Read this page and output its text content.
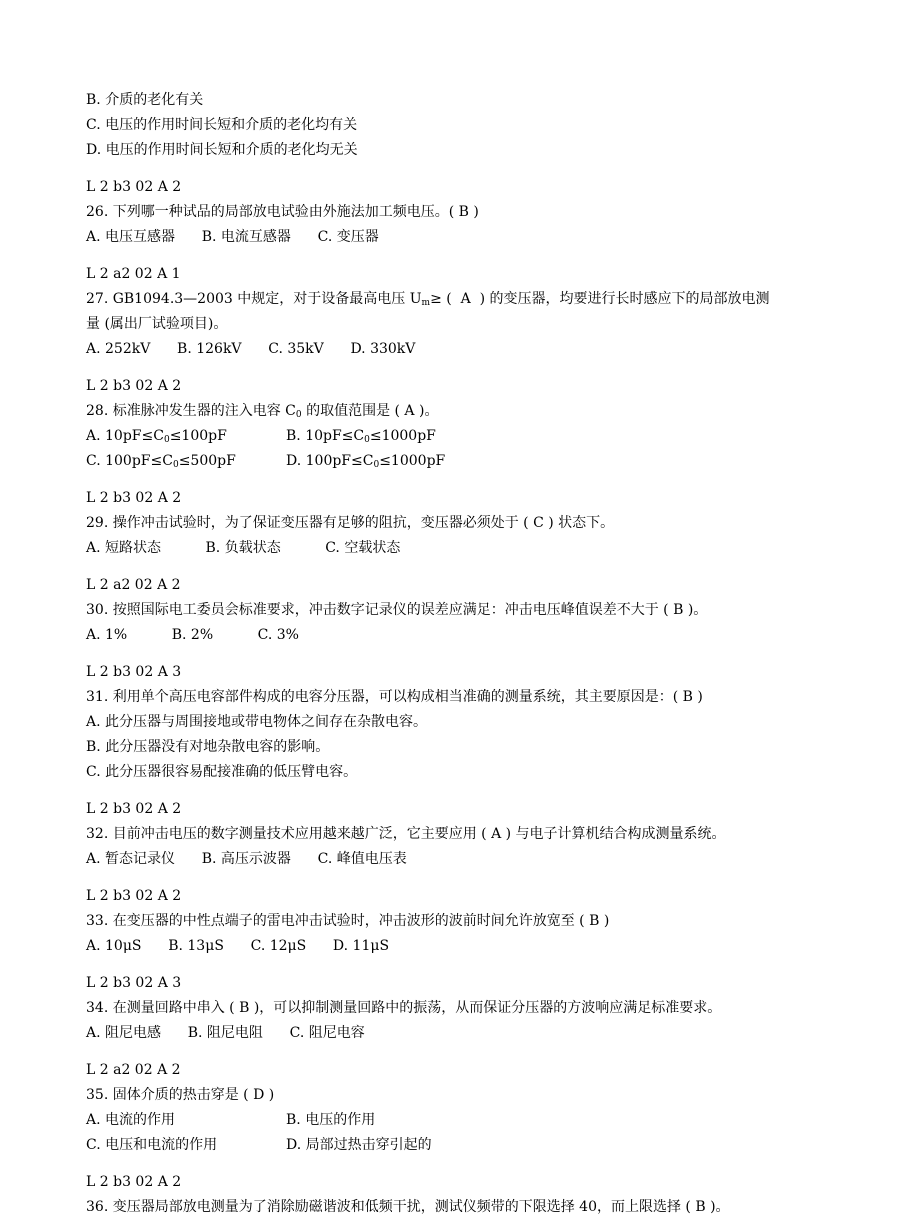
B. 介质的老化有关
C. 电压的作用时间长短和介质的老化均有关
D. 电压的作用时间长短和介质的老化均无关
L 2 b3 02 A 2
26. 下列哪一种试品的局部放电试验由外施法加工频电压。( B )
A. 电压互感器      B. 电流互感器      C. 变压器
L 2 a2 02 A 1
27. GB1094.3—2003 中规定，对于设备最高电压 $U_m\ge$ (  A  ) 的变压器，均要进行长时感应下的局部放电测
量 (属出厂试验项目)。
A. 252kV      B. 126kV      C. 35kV      D. 330kV
L 2 b3 02 A 2
28. 标准脉冲发生器的注入电容 $C_0$ 的取值范围是 ( A )。
A. $10pF\le C_0\le 100pF$	B. $10pF\le C_0\le 1000pF$
C. $100pF\le C_0\le 500pF$	D. $100pF\le C_0\le 1000pF$
L 2 b3 02 A 2
29. 操作冲击试验时，为了保证变压器有足够的阻抗，变压器必须处于 ( C ) 状态下。
A. 短路状态          B. 负载状态          C. 空载状态
L 2 a2 02 A 2
30. 按照国际电工委员会标准要求，冲击数字记录仪的误差应满足：冲击电压峰值误差不大于 ( B )。
A. 1%          B. 2%          C. 3%
L 2 b3 02 A 3
31. 利用单个高压电容部件构成的电容分压器，可以构成相当准确的测量系统，其主要原因是：( B )
A. 此分压器与周围接地或带电物体之间存在杂散电容。
B. 此分压器没有对地杂散电容的影响。
C. 此分压器很容易配接准确的低压臂电容。
L 2 b3 02 A 2
32. 目前冲击电压的数字测量技术应用越来越广泛，它主要应用 ( A ) 与电子计算机结合构成测量系统。
A. 暂态记录仪      B. 高压示波器      C. 峰值电压表
L 2 b3 02 A 2
33. 在变压器的中性点端子的雷电冲击试验时，冲击波形的波前时间允许放宽至 ( B )
A. 10μS      B. 13μS      C. 12μS      D. 11μS
L 2 b3 02 A 3
34. 在测量回路中串入 ( B )，可以抑制测量回路中的振荡，从而保证分压器的方波响应满足标准要求。
A. 阻尼电感      B. 阻尼电阻      C. 阻尼电容
L 2 a2 02 A 2
35. 固体介质的热击穿是 ( D )
A. 电流的作用	B. 电压的作用
C. 电压和电流的作用	D. 局部过热击穿引起的
L 2 b3 02 A 2
36. 变压器局部放电测量为了消除励磁谐波和低频干扰，测试仪频带的下限选择 40，而上限选择 ( B )。
